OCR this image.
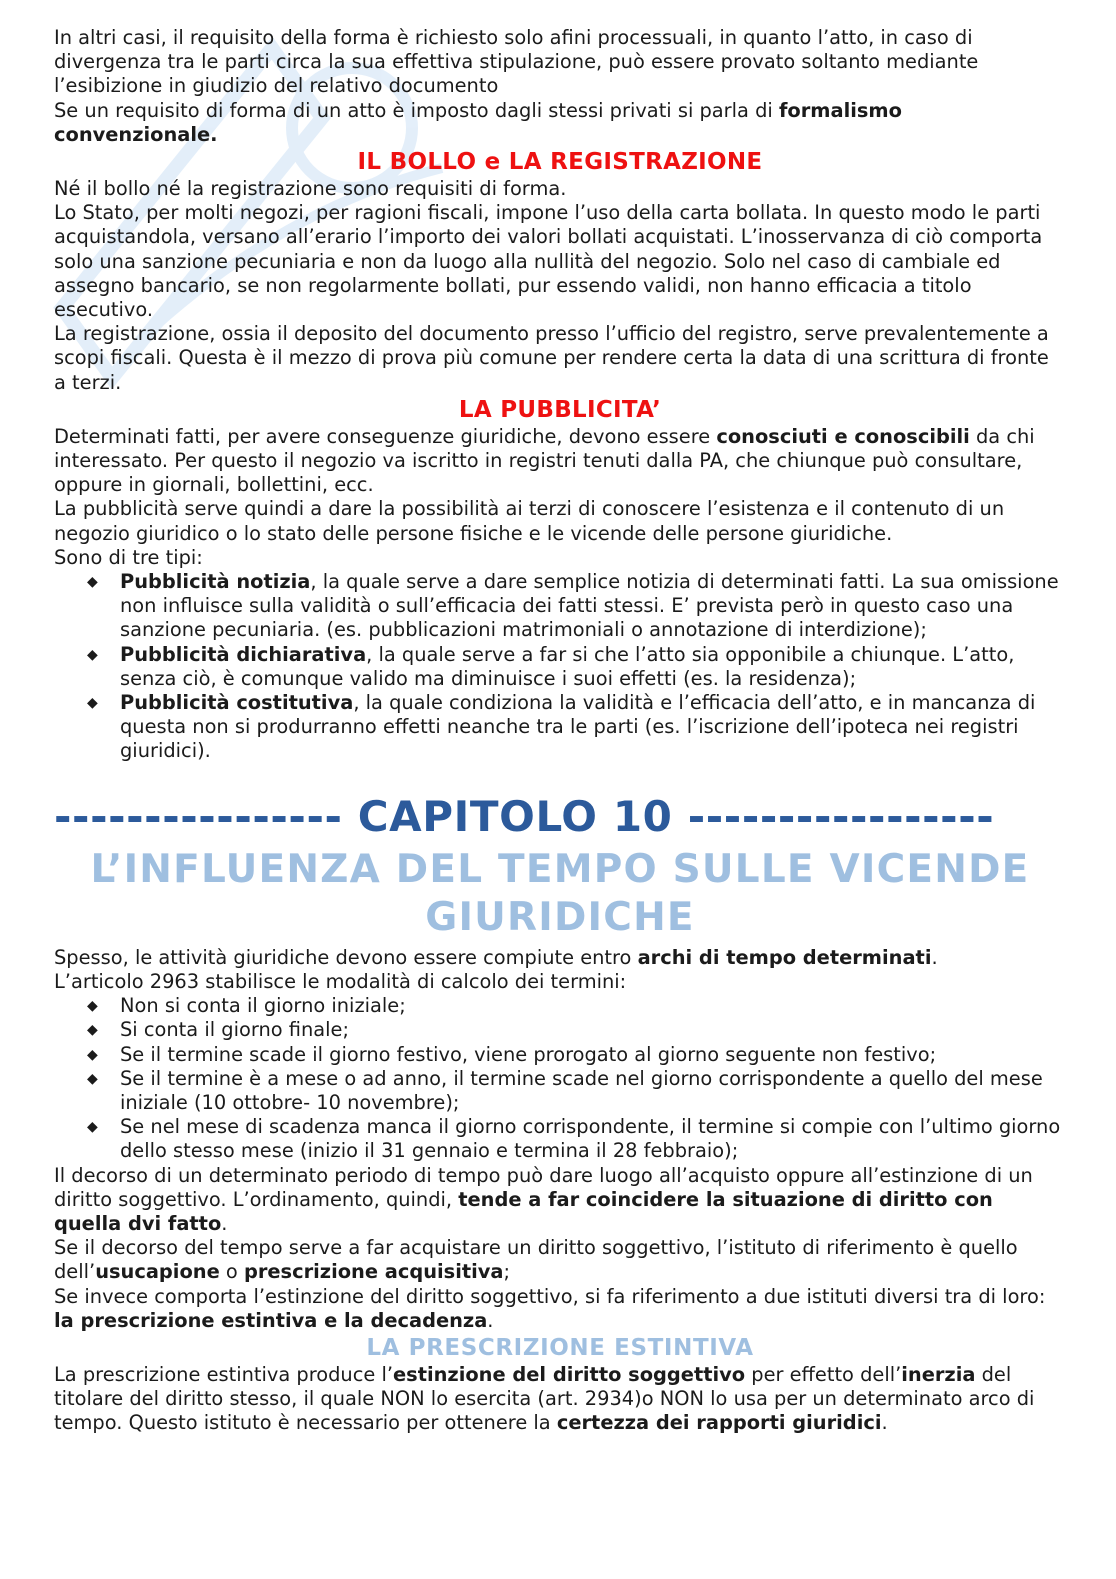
In altri casi, il requisito della forma è richiesto solo afini processuali, in quanto l’atto, in caso di divergenza tra le parti circa la sua effettiva stipulazione, può essere provato soltanto mediante l’esibizione in giudizio del relativo documento

Se un requisito di forma di un atto è imposto dagli stessi privati si parla di formalismo convenzionale.

IL BOLLO e LA REGISTRAZIONE

Né il bollo né la registrazione sono requisiti di forma.

Lo Stato, per molti negozi, per ragioni fiscali, impone l’uso della carta bollata. In questo modo le parti acquistandola, versano all’erario l’importo dei valori bollati acquistati. L’inosservanza di ciò comporta solo una sanzione pecuniaria e non da luogo alla nullità del negozio. Solo nel caso di cambiale ed assegno bancario, se non regolarmente bollati, pur essendo validi, non hanno efficacia a titolo esecutivo.

La registrazione, ossia il deposito del documento presso l’ufficio del registro, serve prevalentemente a scopi fiscali. Questa è il mezzo di prova più comune per rendere certa la data di una scrittura di fronte a terzi.

LA PUBBLICITA’

Determinati fatti, per avere conseguenze giuridiche, devono essere conosciuti e conoscibili da chi interessato. Per questo il negozio va iscritto in registri tenuti dalla PA, che chiunque può consultare, oppure in giornali, bollettini, ecc.

La pubblicità serve quindi a dare la possibilità ai terzi di conoscere l’esistenza e il contenuto di un negozio giuridico o lo stato delle persone fisiche e le vicende delle persone giuridiche.

Sono di tre tipi:

◆ Pubblicità notizia, la quale serve a dare semplice notizia di determinati fatti. La sua omissione non influisce sulla validità o sull’efficacia dei fatti stessi. E’ prevista però in questo caso una sanzione pecuniaria. (es. pubblicazioni matrimoniali o annotazione di interdizione);
◆ Pubblicità dichiarativa, la quale serve a far si che l’atto sia opponibile a chiunque. L’atto, senza ciò, è comunque valido ma diminuisce i suoi effetti (es. la residenza);
◆ Pubblicità costitutiva, la quale condiziona la validità e l’efficacia dell’atto, e in mancanza di questa non si produrranno effetti neanche tra le parti (es. l’iscrizione dell’ipoteca nei registri giuridici).
---------------- CAPITOLO 10 -----------------
L’INFLUENZA DEL TEMPO SULLE VICENDE GIURIDICHE

Spesso, le attività giuridiche devono essere compiute entro archi di tempo determinati.

L’articolo 2963 stabilisce le modalità di calcolo dei termini:

◆ Non si conta il giorno iniziale;
◆ Si conta il giorno finale;
◆ Se il termine scade il giorno festivo, viene prorogato al giorno seguente non festivo;
◆ Se il termine è a mese o ad anno, il termine scade nel giorno corrispondente a quello del mese iniziale (10 ottobre- 10 novembre);
◆ Se nel mese di scadenza manca il giorno corrispondente, il termine si compie con l’ultimo giorno dello stesso mese (inizio il 31 gennaio e termina il 28 febbraio);

Il decorso di un determinato periodo di tempo può dare luogo all’acquisto oppure all’estinzione di un diritto soggettivo. L’ordinamento, quindi, tende a far coincidere la situazione di diritto con quella dvi fatto.

Se il decorso del tempo serve a far acquistare un diritto soggettivo, l’istituto di riferimento è quello dell’usucapione o prescrizione acquisitiva;

Se invece comporta l’estinzione del diritto soggettivo, si fa riferimento a due istituti diversi tra di loro: la prescrizione estintiva e la decadenza.

LA PRESCRIZIONE ESTINTIVA

La prescrizione estintiva produce l’estinzione del diritto soggettivo per effetto dell’inerzia del titolare del diritto stesso, il quale NON lo esercita (art. 2934)o NON lo usa per un determinato arco di tempo. Questo istituto è necessario per ottenere la certezza dei rapporti giuridici.
